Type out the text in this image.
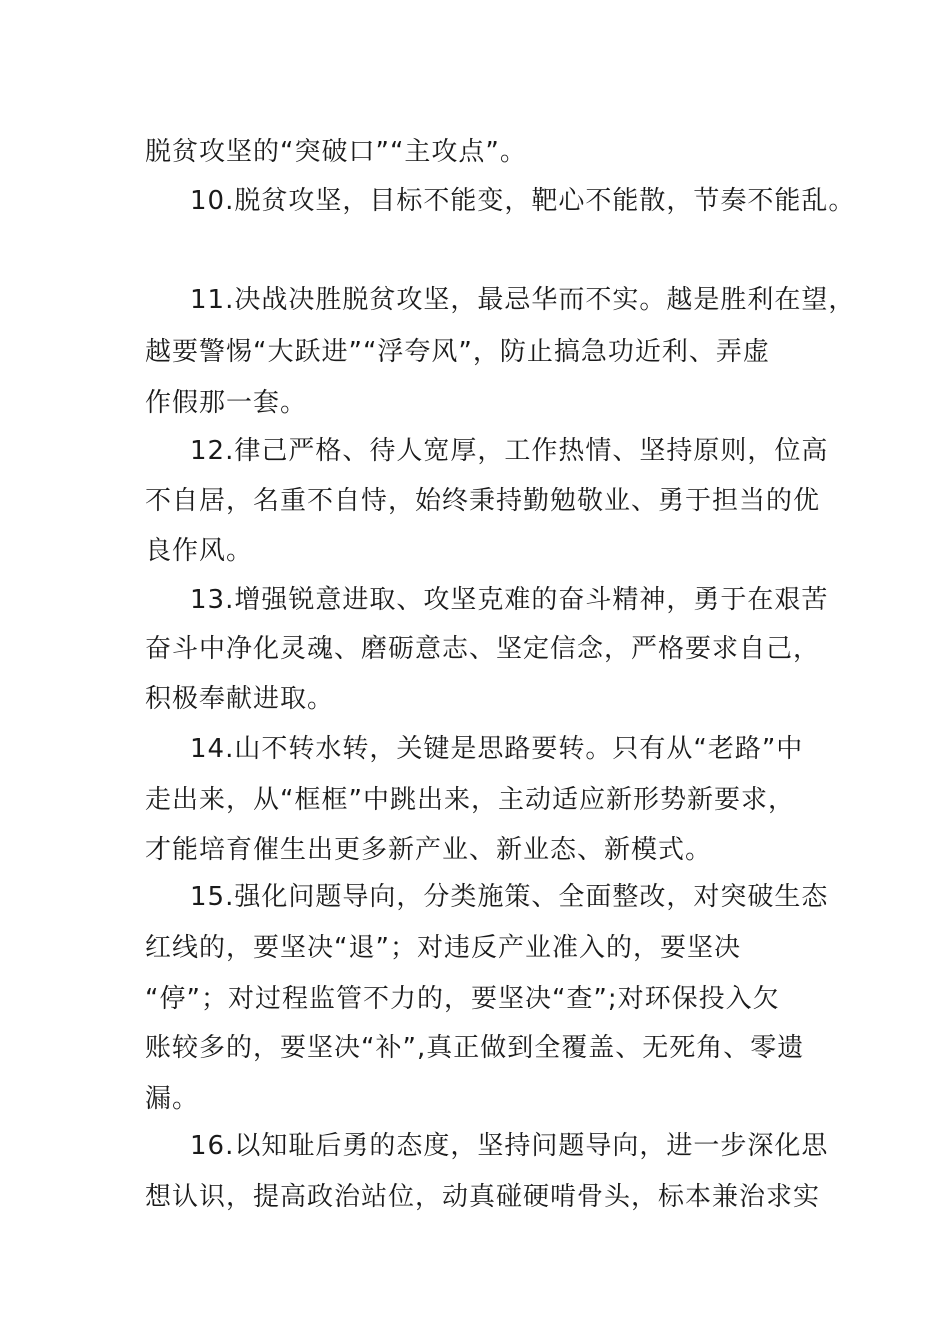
脱贫攻坚的“突破口”“主攻点”。
10.脱贫攻坚，目标不能变，靶心不能散，节奏不能乱。
11.决战决胜脱贫攻坚，最忌华而不实。越是胜利在望，
越要警惕“大跃进”“浮夸风”，防止搞急功近利、弄虚
作假那一套。
12.律己严格、待人宽厚，工作热情、坚持原则，位高
不自居，名重不自恃，始终秉持勤勉敬业、勇于担当的优
良作风。
13.增强锐意进取、攻坚克难的奋斗精神，勇于在艰苦
奋斗中净化灵魂、磨砺意志、坚定信念，严格要求自己，
积极奉献进取。
14.山不转水转，关键是思路要转。只有从“老路”中
走出来，从“框框”中跳出来，主动适应新形势新要求，
才能培育催生出更多新产业、新业态、新模式。
15.强化问题导向，分类施策、全面整改，对突破生态
红线的，要坚决“退”；对违反产业准入的，要坚决
“停”；对过程监管不力的，要坚决“查”;对环保投入欠
账较多的，要坚决“补”,真正做到全覆盖、无死角、零遗
漏。
16.以知耻后勇的态度，坚持问题导向，进一步深化思
想认识，提高政治站位，动真碰硬啃骨头，标本兼治求实
